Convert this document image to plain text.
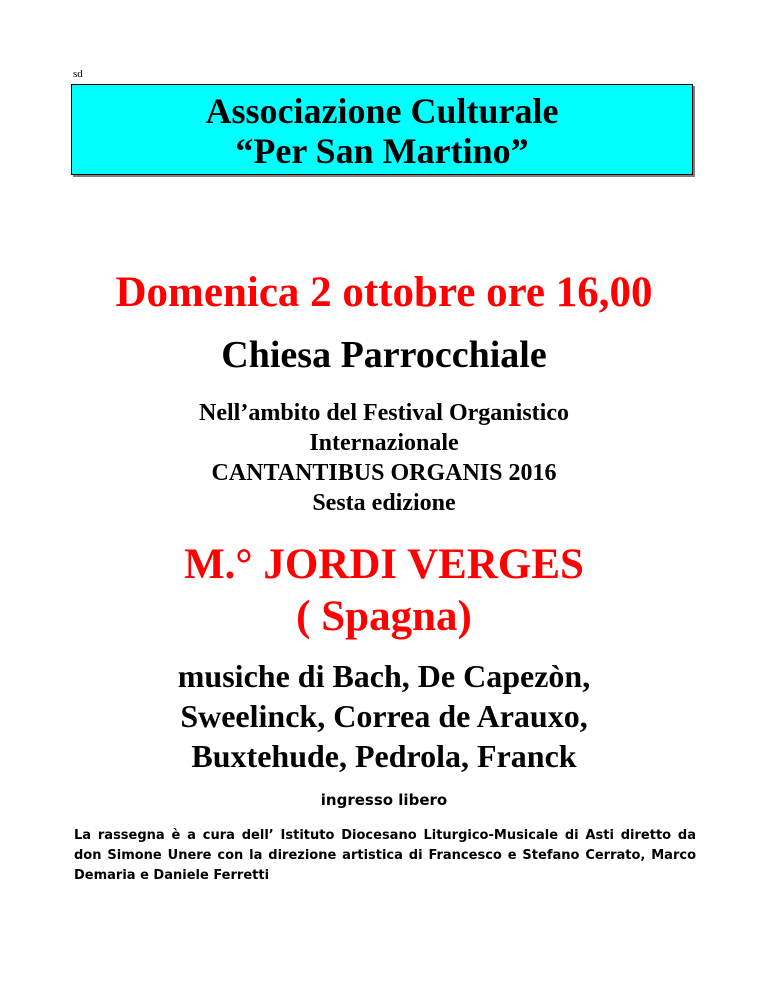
sd
Associazione Culturale
“Per San Martino”
Domenica 2 ottobre ore 16,00
Chiesa Parrocchiale
Nell’ambito del Festival Organistico
Internazionale
CANTANTIBUS ORGANIS 2016
Sesta edizione
M.° JORDI VERGES
( Spagna)
musiche di Bach, De Capezòn,
Sweelinck, Correa de Arauxo,
Buxtehude, Pedrola, Franck
ingresso libero
La rassegna è a cura dell’ Istituto Diocesano Liturgico-Musicale di Asti diretto da don Simone Unere con la direzione artistica di Francesco e Stefano Cerrato, Marco Demaria e Daniele Ferretti
